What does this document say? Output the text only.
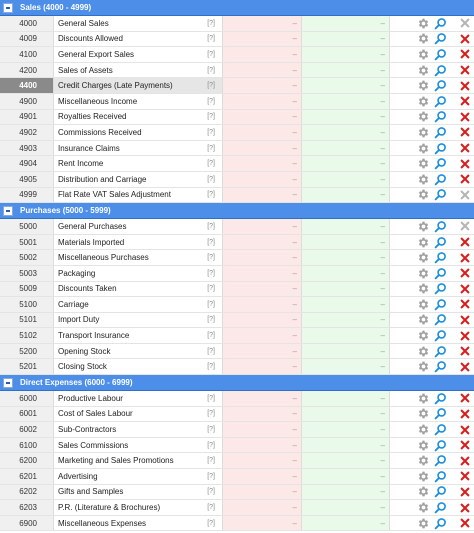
Sales (4000 - 4999)
4000	General Sales	[?]	–	–
4009	Discounts Allowed	[?]	–	–
4100	General Export Sales	[?]	–	–
4200	Sales of Assets	[?]	–	–
4400	Credit Charges (Late Payments)	[?]	–	–
4900	Miscellaneous Income	[?]	–	–
4901	Royalties Received	[?]	–	–
4902	Commissions Received	[?]	–	–
4903	Insurance Claims	[?]	–	–
4904	Rent Income	[?]	–	–
4905	Distribution and Carriage	[?]	–	–
4999	Flat Rate VAT Sales Adjustment	[?]	–	–
Purchases (5000 - 5999)
5000	General Purchases	[?]	–	–
5001	Materials Imported	[?]	–	–
5002	Miscellaneous Purchases	[?]	–	–
5003	Packaging	[?]	–	–
5009	Discounts Taken	[?]	–	–
5100	Carriage	[?]	–	–
5101	Import Duty	[?]	–	–
5102	Transport Insurance	[?]	–	–
5200	Opening Stock	[?]	–	–
5201	Closing Stock	[?]	–	–
Direct Expenses (6000 - 6999)
6000	Productive Labour	[?]	–	–
6001	Cost of Sales Labour	[?]	–	–
6002	Sub-Contractors	[?]	–	–
6100	Sales Commissions	[?]	–	–
6200	Marketing and Sales Promotions	[?]	–	–
6201	Advertising	[?]	–	–
6202	Gifts and Samples	[?]	–	–
6203	P.R. (Literature & Brochures)	[?]	–	–
6900	Miscellaneous Expenses	[?]	–	–
